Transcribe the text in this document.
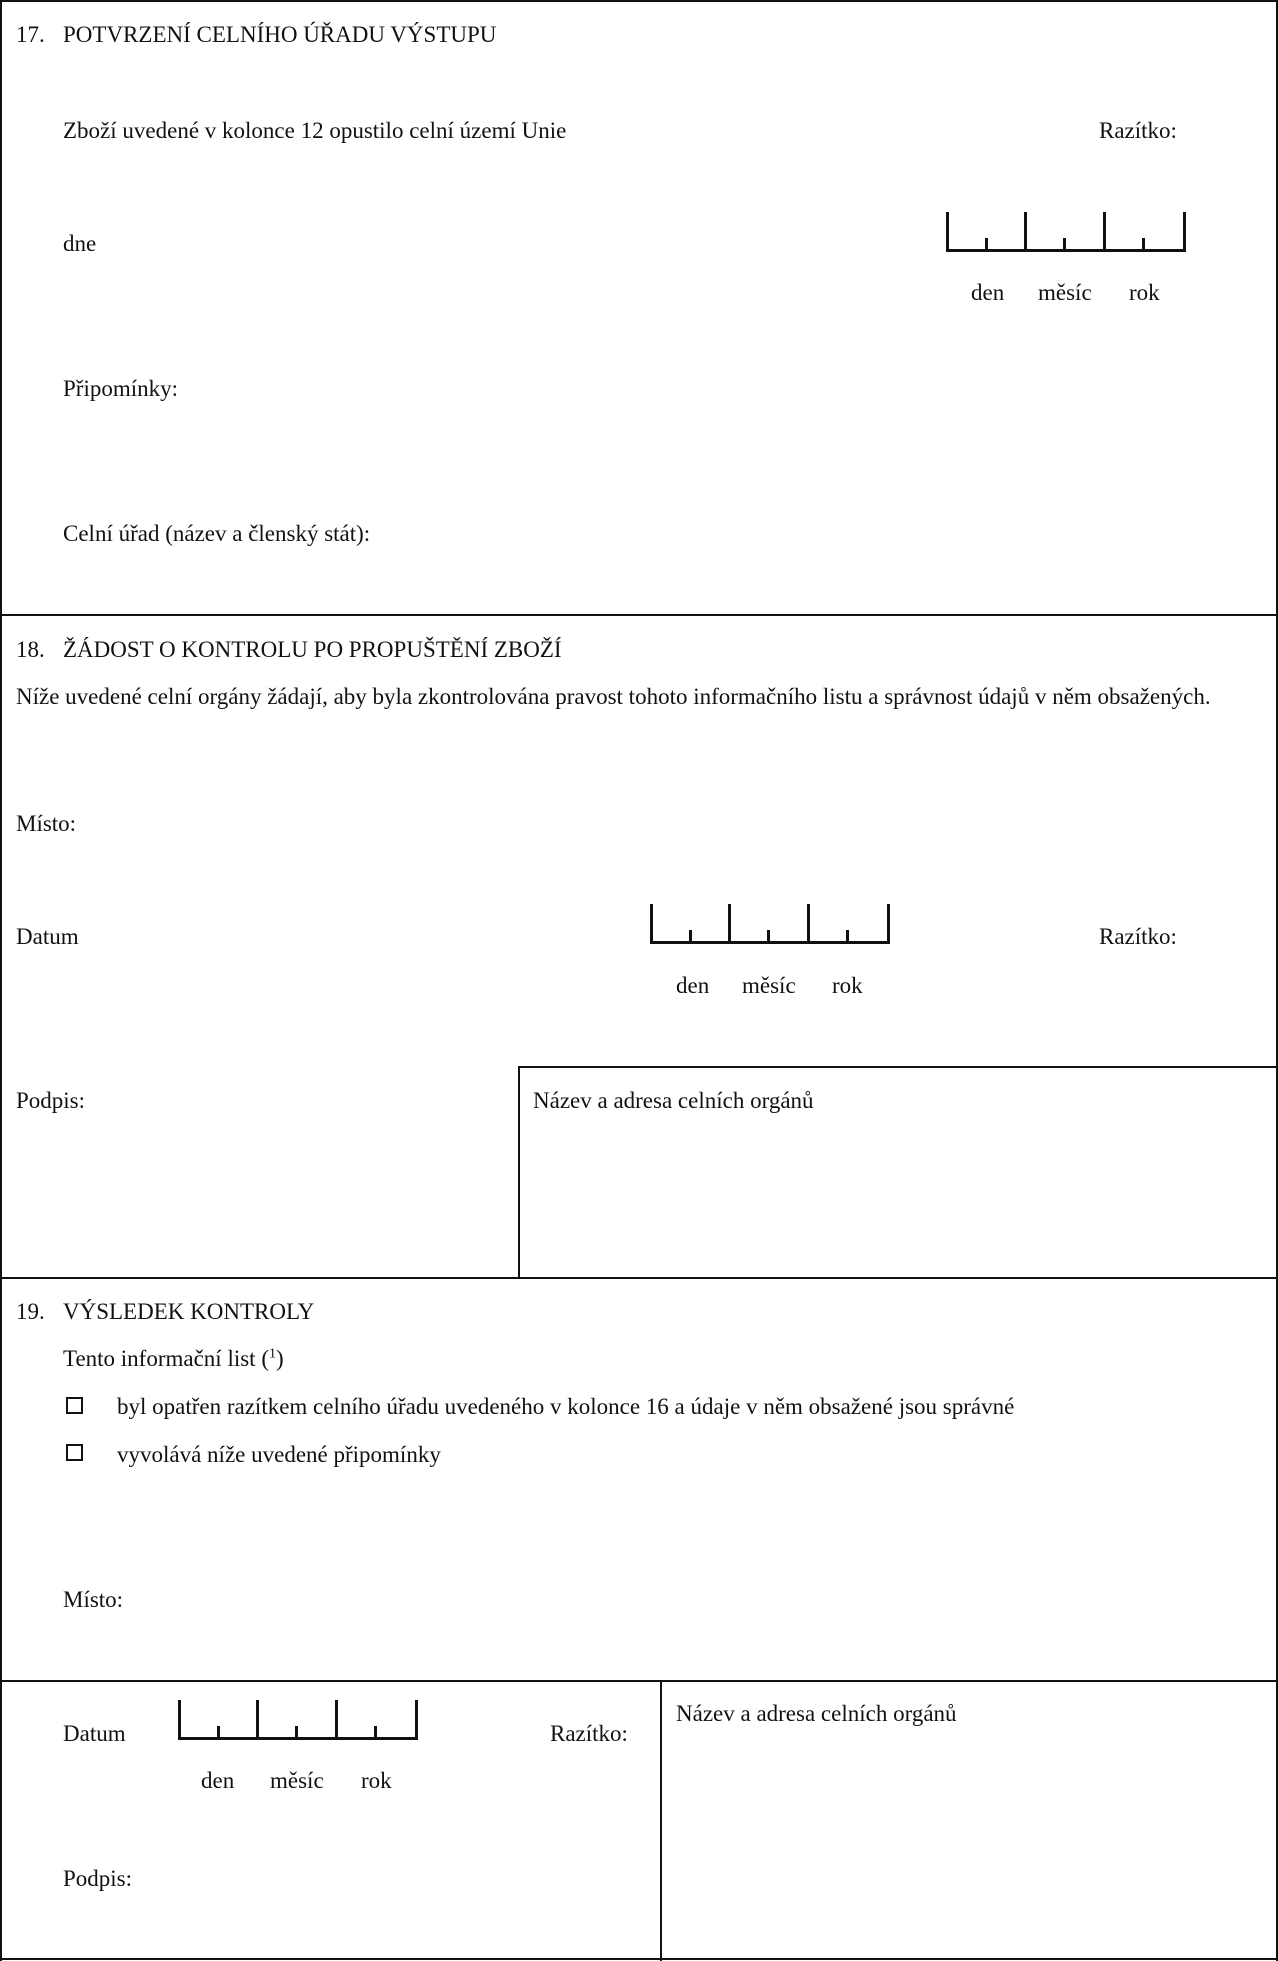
17. POTVRZENÍ CELNÍHO ÚŘADU VÝSTUPU
Zboží uvedené v kolonce 12 opustilo celní území Unie	Razítko:
dne
den měsíc rok
Připomínky:
Celní úřad (název a členský stát):
18. ŽÁDOST O KONTROLU PO PROPUŠTĚNÍ ZBOŽÍ
Níže uvedené celní orgány žádají, aby byla zkontrolována pravost tohoto informačního listu a správnost údajů v něm obsažených.
Místo:
Datum	Razítko:
den měsíc rok
Podpis:	Název a adresa celních orgánů
19. VÝSLEDEK KONTROLY
Tento informační list ($^1$)
byl opatřen razítkem celního úřadu uvedeného v kolonce 16 a údaje v něm obsažené jsou správné
vyvolává níže uvedené připomínky
Místo:
Datum	Razítko:
den měsíc rok
Podpis:
Název a adresa celních orgánů
